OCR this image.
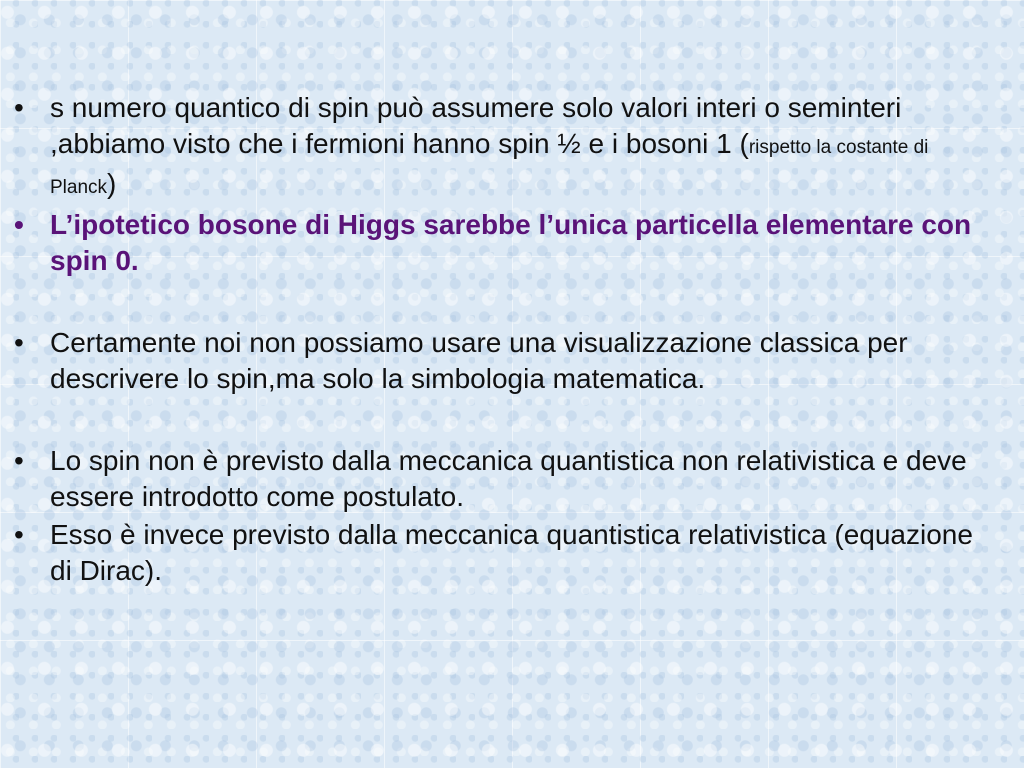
• s numero quantico di spin può assumere solo valori interi o seminteri ,abbiamo visto che i fermioni hanno spin ½ e i bosoni 1 (rispetto la costante di Planck)
• L’ipotetico bosone di Higgs sarebbe l’unica particella elementare con spin 0.
• Certamente noi non possiamo usare una visualizzazione classica per descrivere lo spin,ma solo la simbologia matematica.
• Lo spin non è previsto dalla meccanica quantistica non relativistica e deve essere introdotto come postulato.
• Esso è invece previsto dalla meccanica quantistica relativistica (equazione di Dirac).
